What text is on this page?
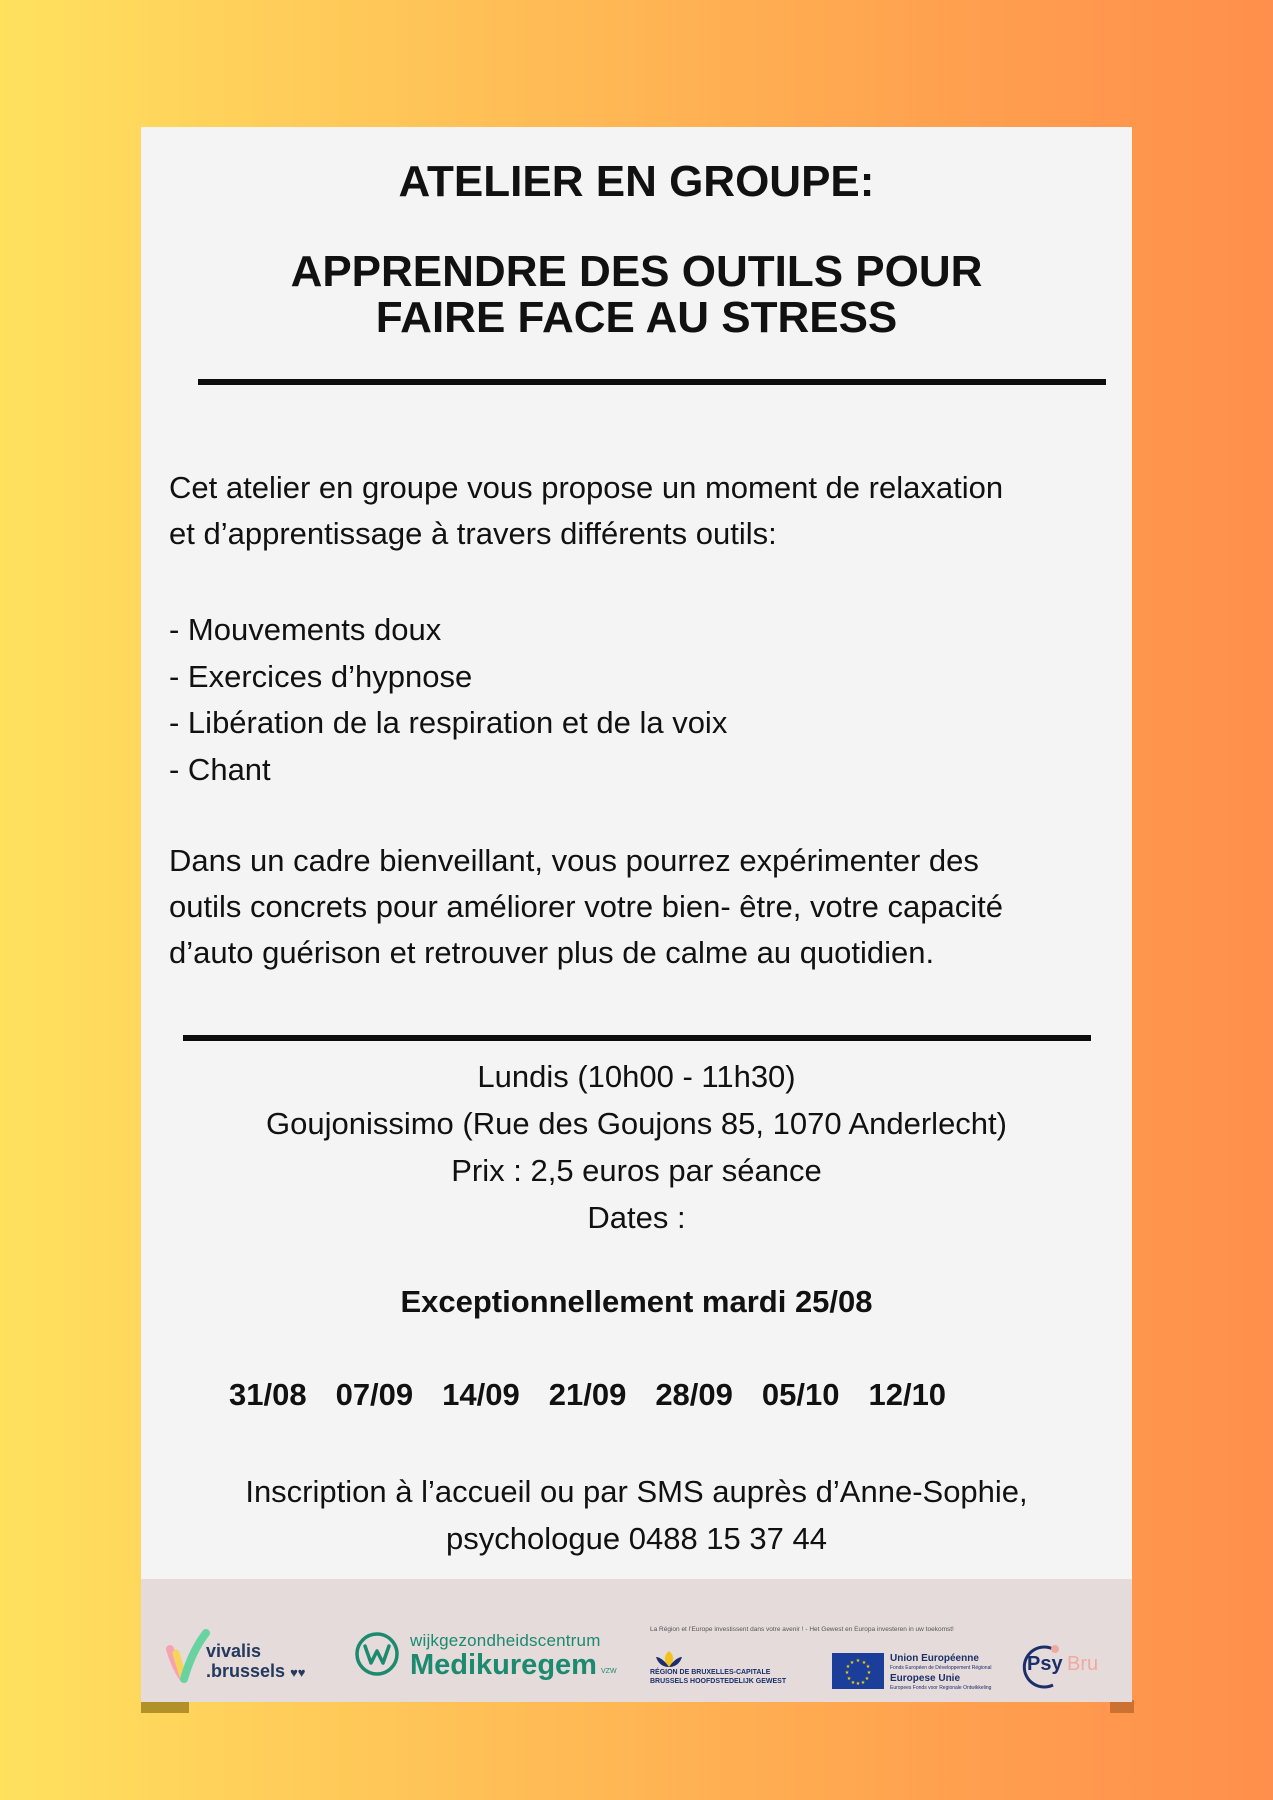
ATELIER EN GROUPE:
APPRENDRE DES OUTILS POUR
FAIRE FACE AU STRESS
Cet atelier en groupe vous propose un moment de relaxation
et d’apprentissage à travers différents outils:
- Mouvements doux
- Exercices d’hypnose
- Libération de la respiration et de la voix
- Chant
Dans un cadre bienveillant, vous pourrez expérimenter des
outils concrets pour améliorer votre bien- être, votre capacité
d’auto guérison et retrouver plus de calme au quotidien.
Lundis (10h00 - 11h30)
Goujonissimo (Rue des Goujons 85, 1070 Anderlecht)
Prix : 2,5 euros par séance
Dates :
Exceptionnellement mardi 25/08
31/08 07/09 14/09 21/09 28/09 05/10 12/10
Inscription à l’accueil ou par SMS auprès d’Anne-Sophie,
psychologue 0488 15 37 44
vivalis
.brussels ♥♥
wijkgezondheidscentrum
Medikuregem VZW
La Région et l’Europe investissent dans votre avenir ! - Het Gewest en Europa investeren in uw toekomst!
RÉGION DE BRUXELLES-CAPITALE
BRUSSELS HOOFDSTEDELIJK GEWEST
★ ★
★
★
★
★
★
★
★
★
★
★	Union Européenne
Fonds Européen de Développement Régional
Europese Unie
Europees Fonds voor Regionale Ontwikkeling
Psy Bru
